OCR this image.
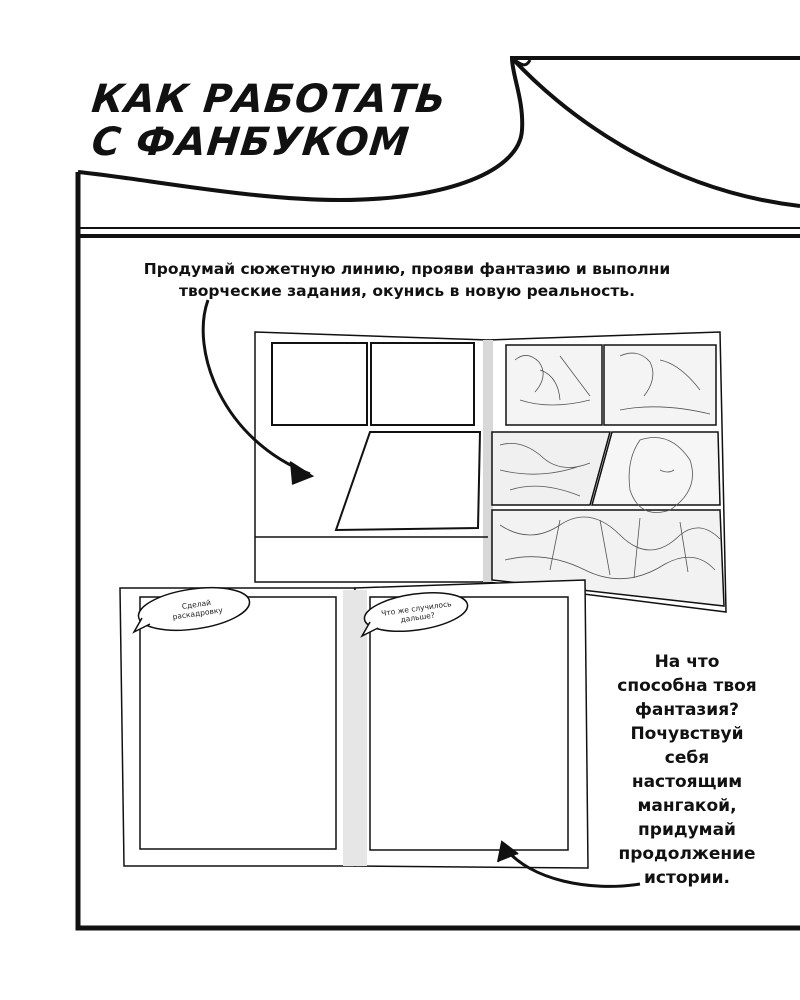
КАК РАБОТАТЬ
С ФАНБУКОМ
Продумай сюжетную линию, прояви фантазию и выполни творческие задания, окунись в новую реальность.
Сделай раскадровку	Что же случилось дальше?
На что способна твоя фантазия? Почувствуй себя настоящим мангакой, придумай продолжение истории.
